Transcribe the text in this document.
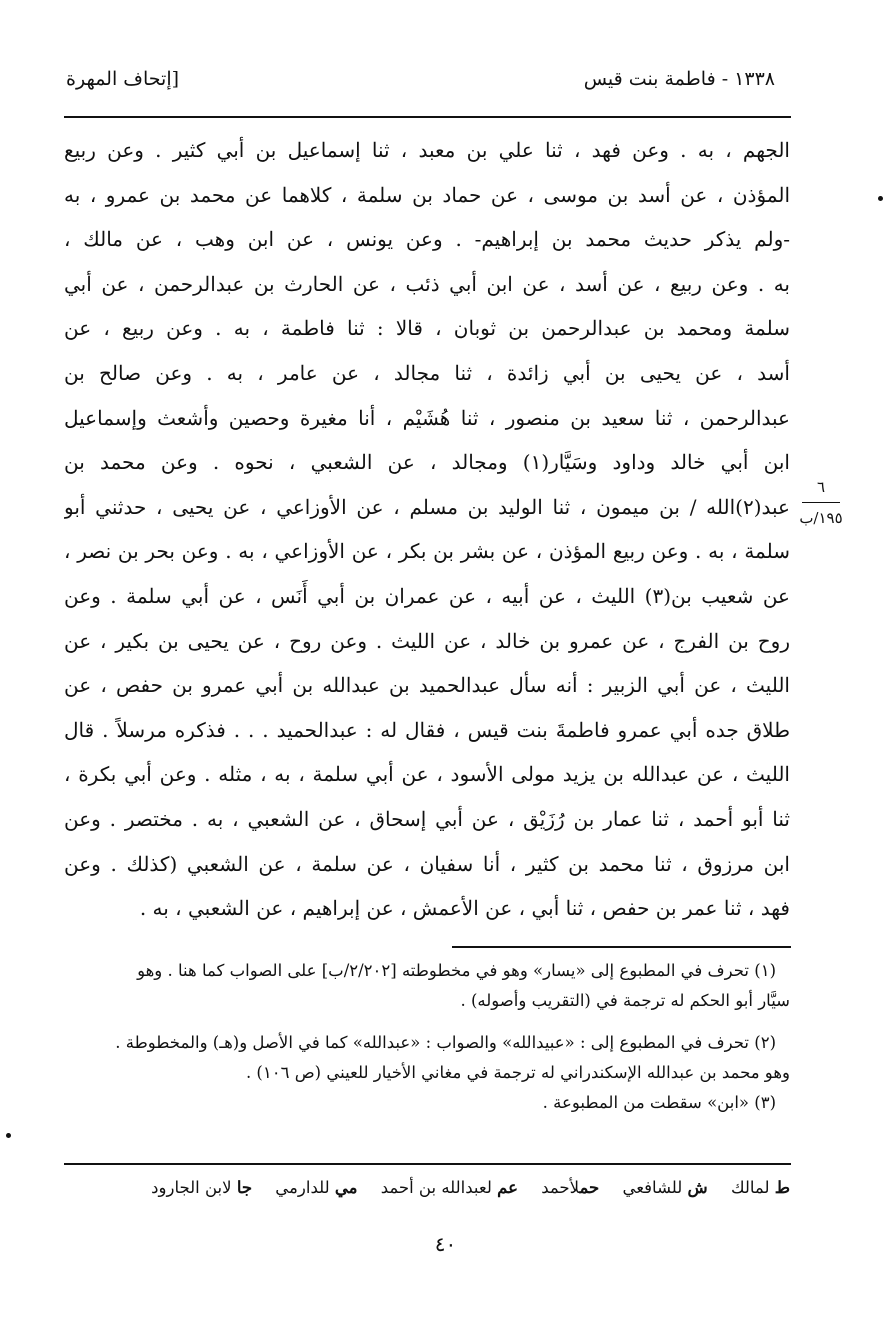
١٣٣٨ - فاطمة بنت قيس
[إتحاف المهرة
الجهم ، به . وعن فهد ، ثنا علي بن معبد ، ثنا إسماعيل بن أبي كثير . وعن ربيع
المؤذن ، عن أسد بن موسى ، عن حماد بن سلمة ، كلاهما عن محمد بن عمرو ، به
-ولم يذكر حديث محمد بن إبراهيم- . وعن يونس ، عن ابن وهب ، عن مالك ،
به . وعن ربيع ، عن أسد ، عن ابن أبي ذئب ، عن الحارث بن عبدالرحمن ، عن أبي
سلمة ومحمد بن عبدالرحمن بن ثوبان ، قالا : ثنا فاطمة ، به . وعن ربيع ، عن
أسد ، عن يحيى بن أبي زائدة ، ثنا مجالد ، عن عامر ، به . وعن صالح بن
عبدالرحمن ، ثنا سعيد بن منصور ، ثنا هُشَيْم ، أنا مغيرة وحصين وأشعث وإسماعيل
ابن أبي خالد وداود وسَيَّار(١) ومجالد ، عن الشعبي ، نحوه . وعن محمد بن
عبد(٢)الله / بن ميمون ، ثنا الوليد بن مسلم ، عن الأوزاعي ، عن يحيى ، حدثني أبو
سلمة ، به . وعن ربيع المؤذن ، عن بشر بن بكر ، عن الأوزاعي ، به . وعن بحر بن نصر ،
عن شعيب بن(٣) الليث ، عن أبيه ، عن عمران بن أبي أَنَس ، عن أبي سلمة . وعن
روح بن الفرج ، عن عمرو بن خالد ، عن الليث . وعن روح ، عن يحيى بن بكير ، عن
الليث ، عن أبي الزبير : أنه سأل عبدالحميد بن عبدالله بن أبي عمرو بن حفص ، عن
طلاق جده أبي عمرو فاطمةَ بنت قيس ، فقال له : عبدالحميد . . . فذكره مرسلاً . قال
الليث ، عن عبدالله بن يزيد مولى الأسود ، عن أبي سلمة ، به ، مثله . وعن أبي بكرة ،
ثنا أبو أحمد ، ثنا عمار بن رُزَيْق ، عن أبي إسحاق ، عن الشعبي ، به . مختصر . وعن
ابن مرزوق ، ثنا محمد بن كثير ، أنا سفيان ، عن سلمة ، عن الشعبي (كذلك . وعن
فهد ، ثنا عمر بن حفص ، ثنا أبي ، عن الأعمش ، عن إبراهيم ، عن الشعبي ، به .
٦
١٩٥/ب
(١) تحرف في المطبوع إلى «يسار» وهو في مخطوطته [٢/٢٠٢/ب] على الصواب كما هنا . وهو
سيَّار أبو الحكم له ترجمة في (التقريب وأصوله) .
(٢) تحرف في المطبوع إلى : «عبيدالله» والصواب : «عبدالله» كما في الأصل و(هـ) والمخطوطة .
وهو محمد بن عبدالله الإسكندراني له ترجمة في مغاني الأخيار للعيني (ص ١٠٦) .
(٣) «ابن» سقطت من المطبوعة .
ط لمالك ش للشافعي حملأحمد عم لعبدالله بن أحمد مي للدارمي جا لابن الجارود
٤٠
